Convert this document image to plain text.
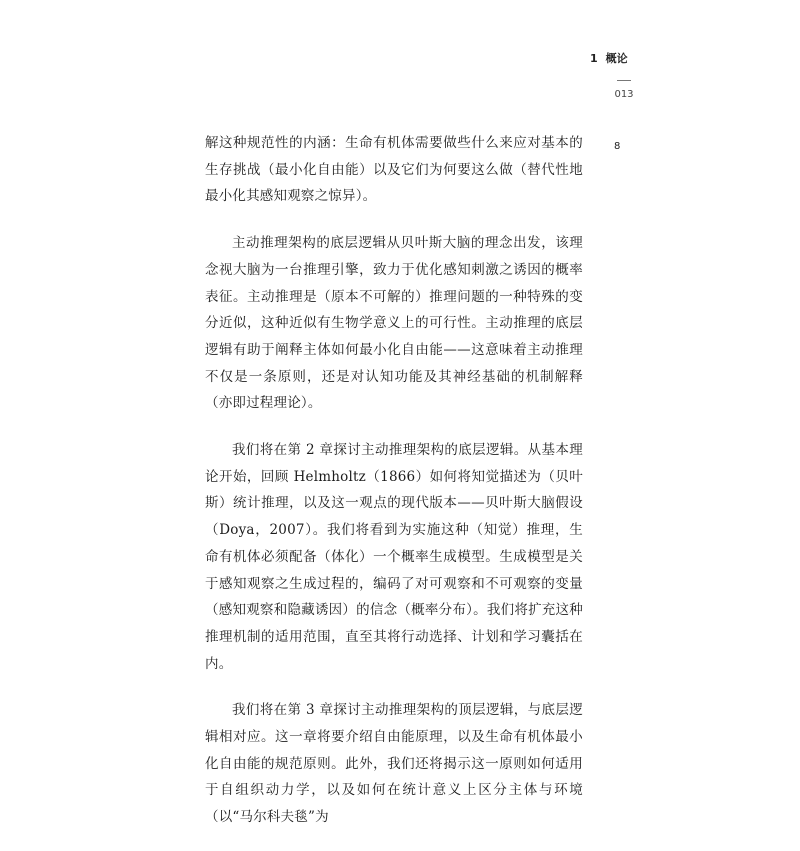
1 概论
013
8

解这种规范性的内涵：生命有机体需要做些什么来应对基本的生存挑战（最小化自由能）以及它们为何要这么做（替代性地最小化其感知观察之惊异）。

主动推理架构的底层逻辑从贝叶斯大脑的理念出发，该理念视大脑为一台推理引擎，致力于优化感知刺激之诱因的概率表征。主动推理是（原本不可解的）推理问题的一种特殊的变分近似，这种近似有生物学意义上的可行性。主动推理的底层逻辑有助于阐释主体如何最小化自由能——这意味着主动推理不仅是一条原则，还是对认知功能及其神经基础的机制解释（亦即过程理论）。

我们将在第 2 章探讨主动推理架构的底层逻辑。从基本理论开始，回顾 Helmholtz（1866）如何将知觉描述为（贝叶斯）统计推理，以及这一观点的现代版本——贝叶斯大脑假设（Doya，2007）。我们将看到为实施这种（知觉）推理，生命有机体必须配备（体化）一个概率生成模型。生成模型是关于感知观察之生成过程的，编码了对可观察和不可观察的变量（感知观察和隐藏诱因）的信念（概率分布）。我们将扩充这种推理机制的适用范围，直至其将行动选择、计划和学习囊括在内。

我们将在第 3 章探讨主动推理架构的顶层逻辑，与底层逻辑相对应。这一章将要介绍自由能原理，以及生命有机体最小化自由能的规范原则。此外，我们还将揭示这一原则如何适用于自组织动力学，以及如何在统计意义上区分主体与环境（以“马尔科夫毯”为
